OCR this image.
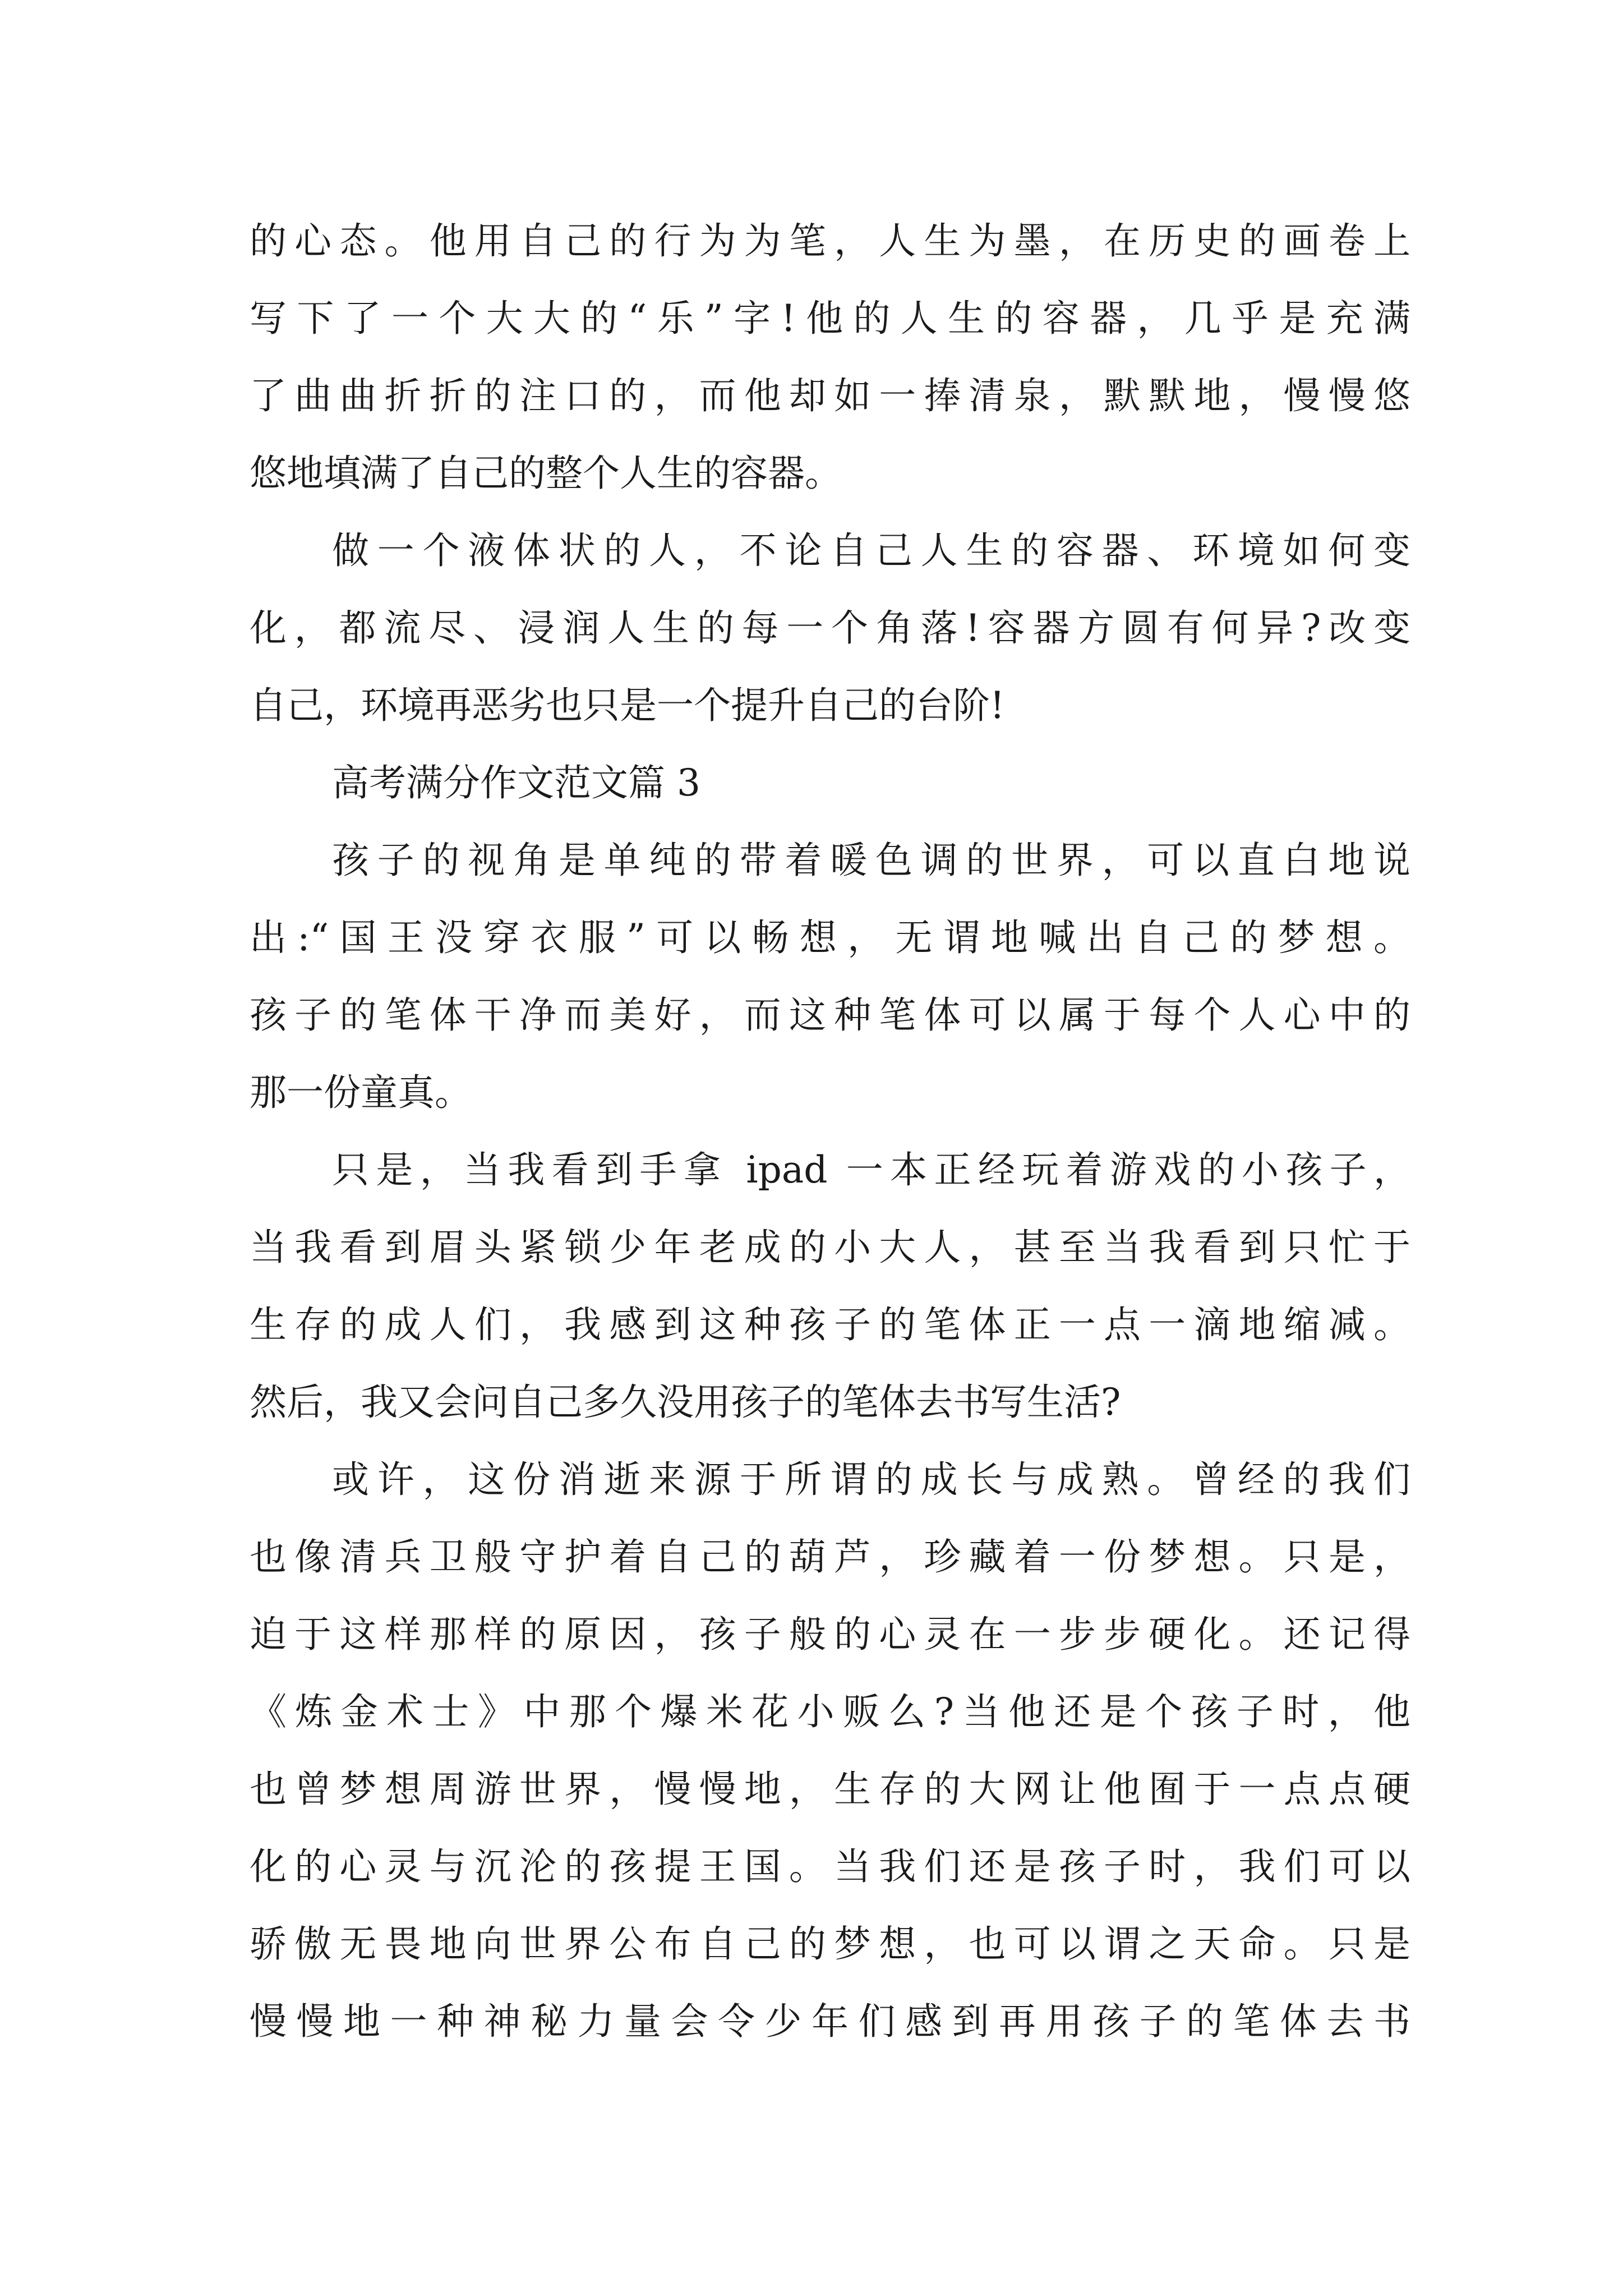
的心态。他用自己的行为为笔，人生为墨，在历史的画卷上

写下了一个大大的“乐”字!他的人生的容器，几乎是充满

了曲曲折折的注口的，而他却如一捧清泉，默默地，慢慢悠

悠地填满了自己的整个人生的容器。

做一个液体状的人，不论自己人生的容器、环境如何变

化，都流尽、浸润人生的每一个角落!容器方圆有何异?改变

自己，环境再恶劣也只是一个提升自己的台阶!

高考满分作文范文篇 3

孩子的视角是单纯的带着暖色调的世界，可以直白地说

出:“国王没穿衣服”可以畅想，无谓地喊出自己的梦想。

孩子的笔体干净而美好，而这种笔体可以属于每个人心中的

那一份童真。

只是，当我看到手拿 ipad 一本正经玩着游戏的小孩子，

当我看到眉头紧锁少年老成的小大人，甚至当我看到只忙于

生存的成人们，我感到这种孩子的笔体正一点一滴地缩减。

然后，我又会问自己多久没用孩子的笔体去书写生活?

或许，这份消逝来源于所谓的成长与成熟。曾经的我们

也像清兵卫般守护着自己的葫芦，珍藏着一份梦想。只是，

迫于这样那样的原因，孩子般的心灵在一步步硬化。还记得

《炼金术士》中那个爆米花小贩么?当他还是个孩子时，他

也曾梦想周游世界，慢慢地，生存的大网让他囿于一点点硬

化的心灵与沉沦的孩提王国。当我们还是孩子时，我们可以

骄傲无畏地向世界公布自己的梦想，也可以谓之天命。只是

慢慢地一种神秘力量会令少年们感到再用孩子的笔体去书
